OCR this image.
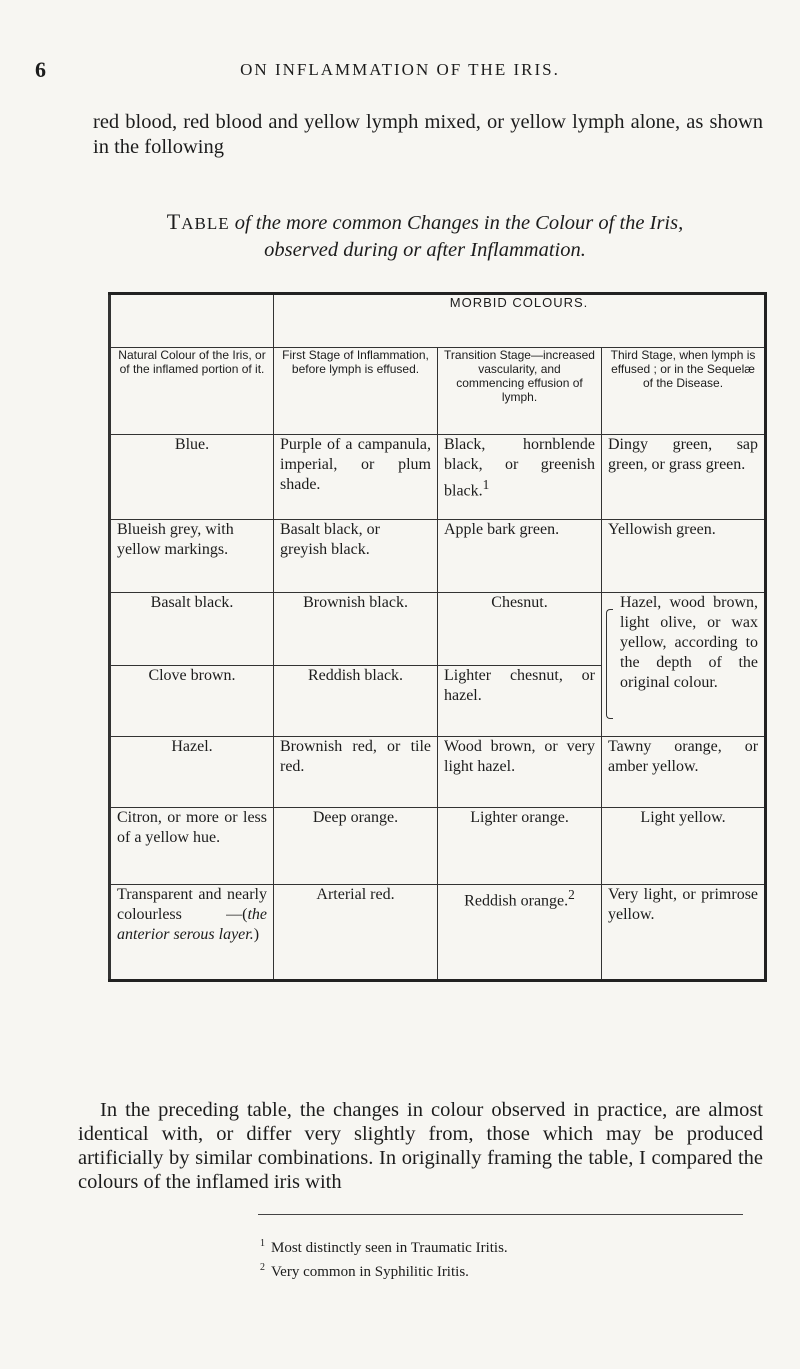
6	ON INFLAMMATION OF THE IRIS.
red blood, red blood and yellow lymph mixed, or yellow lymph alone, as shown in the following
TABLE of the more common Changes in the Colour of the Iris,
observed during or after Inflammation.
	MORBID COLOURS.		
Natural Colour of the Iris, or of the inflamed portion of it.	First Stage of Inflammation, before lymph is effused.	Transition Stage—increased vascularity, and commencing effusion of lymph.	Third Stage, when lymph is effused ; or in the Sequelæ of the Disease.
Blue.	Purple of a campanula, imperial, or plum shade.	Black, hornblende black, or greenish black.$^1$	Dingy green, sap green, or grass green.
Blueish grey, with yellow markings.	Basalt black, or greyish black.	Apple bark green.	Yellowish green.
Basalt black.	Brownish black.	Chesnut.	Hazel, wood brown, light olive, or wax yellow, according to the depth of the original colour.
Clove brown.	Reddish black.	Lighter chesnut, or hazel.	
Hazel.	Brownish red, or tile red.	Wood brown, or very light hazel.	Tawny orange, or amber yellow.
Citron, or more or less of a yellow hue.	Deep orange.	Lighter orange.	Light yellow.
Transparent and nearly colourless —(the anterior serous layer.)	Arterial red.	Reddish orange.$^2$	Very light, or primrose yellow.
In the preceding table, the changes in colour observed in practice, are almost identical with, or differ very slightly from, those which may be produced artificially by similar combinations. In originally framing the table, I compared the colours of the inflamed iris with
$^1$ Most distinctly seen in Traumatic Iritis.
$^2$ Very common in Syphilitic Iritis.
